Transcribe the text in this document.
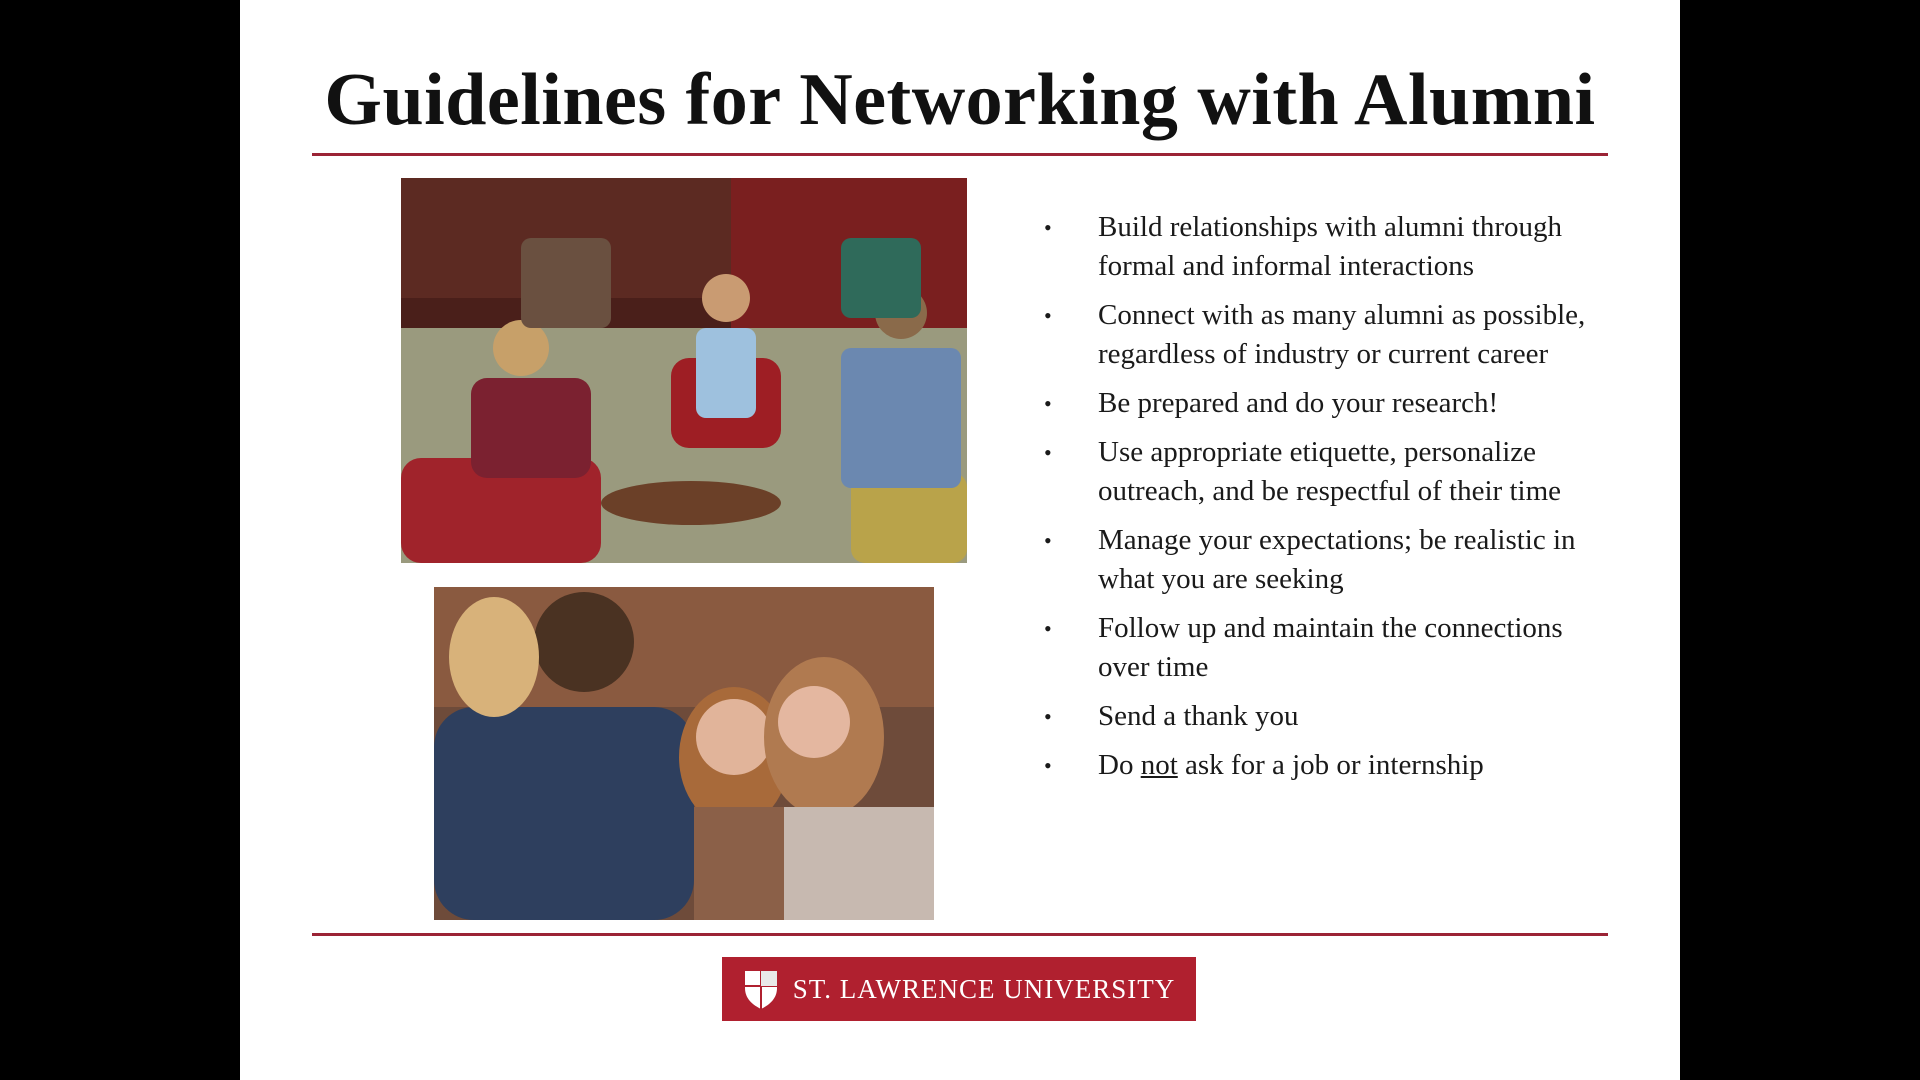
Guidelines for Networking with Alumni
• Build relationships with alumni through formal and informal interactions
• Connect with as many alumni as possible, regardless of industry or current career
• Be prepared and do your research!
• Use appropriate etiquette, personalize outreach, and be respectful of their time
• Manage your expectations; be realistic in what you are seeking
• Follow up and maintain the connections over time
• Send a thank you
• Do not ask for a job or internship
ST. LAWRENCE UNIVERSITY
